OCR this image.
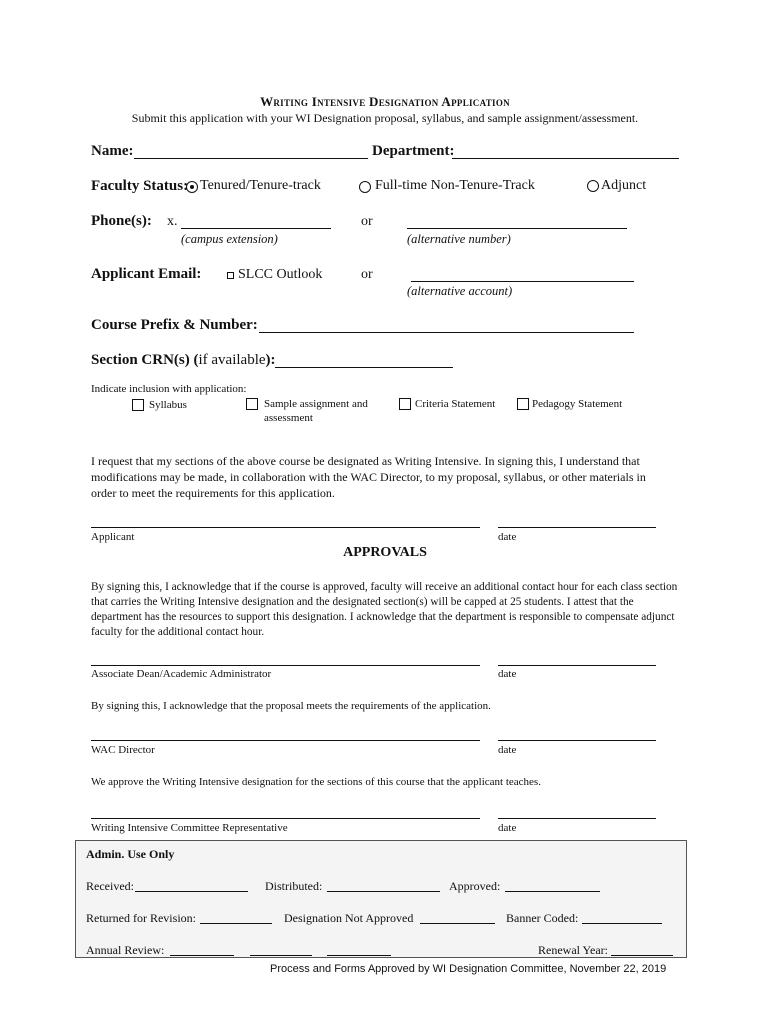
Writing Intensive Designation Application
Submit this application with your WI Designation proposal, syllabus, and sample assignment/assessment.
Name:	Department:
Faculty Status: Tenured/Tenure-track	Full-time Non-Tenure-Track	Adjunct
Phone(s): x.
(campus extension)
or
(alternative number)
Applicant Email:	SLCC Outlook	or
(alternative account)
Course Prefix & Number:
Section CRN(s) (if available):
Indicate inclusion with application:
Syllabus	Sample assignment and assessment
Criteria Statement	Pedagogy Statement
I request that my sections of the above course be designated as Writing Intensive. In signing this, I understand that modifications may be made, in collaboration with the WAC Director, to my proposal, syllabus, or other materials in order to meet the requirements for this application.
Applicant	date
APPROVALS
By signing this, I acknowledge that if the course is approved, faculty will receive an additional contact hour for each class section that carries the Writing Intensive designation and the designated section(s) will be capped at 25 students. I attest that the department has the resources to support this designation. I acknowledge that the department is responsible to compensate adjunct faculty for the additional contact hour.
Associate Dean/Academic Administrator	date
By signing this, I acknowledge that the proposal meets the requirements of the application.
WAC Director	date
We approve the Writing Intensive designation for the sections of this course that the applicant teaches.
Writing Intensive Committee Representative	date
Admin. Use Only
Received:	Distributed:	Approved:
Returned for Revision:	Designation Not Approved	Banner Coded:
Annual Review:	Renewal Year:
Process and Forms Approved by WI Designation Committee, November 22, 2019
